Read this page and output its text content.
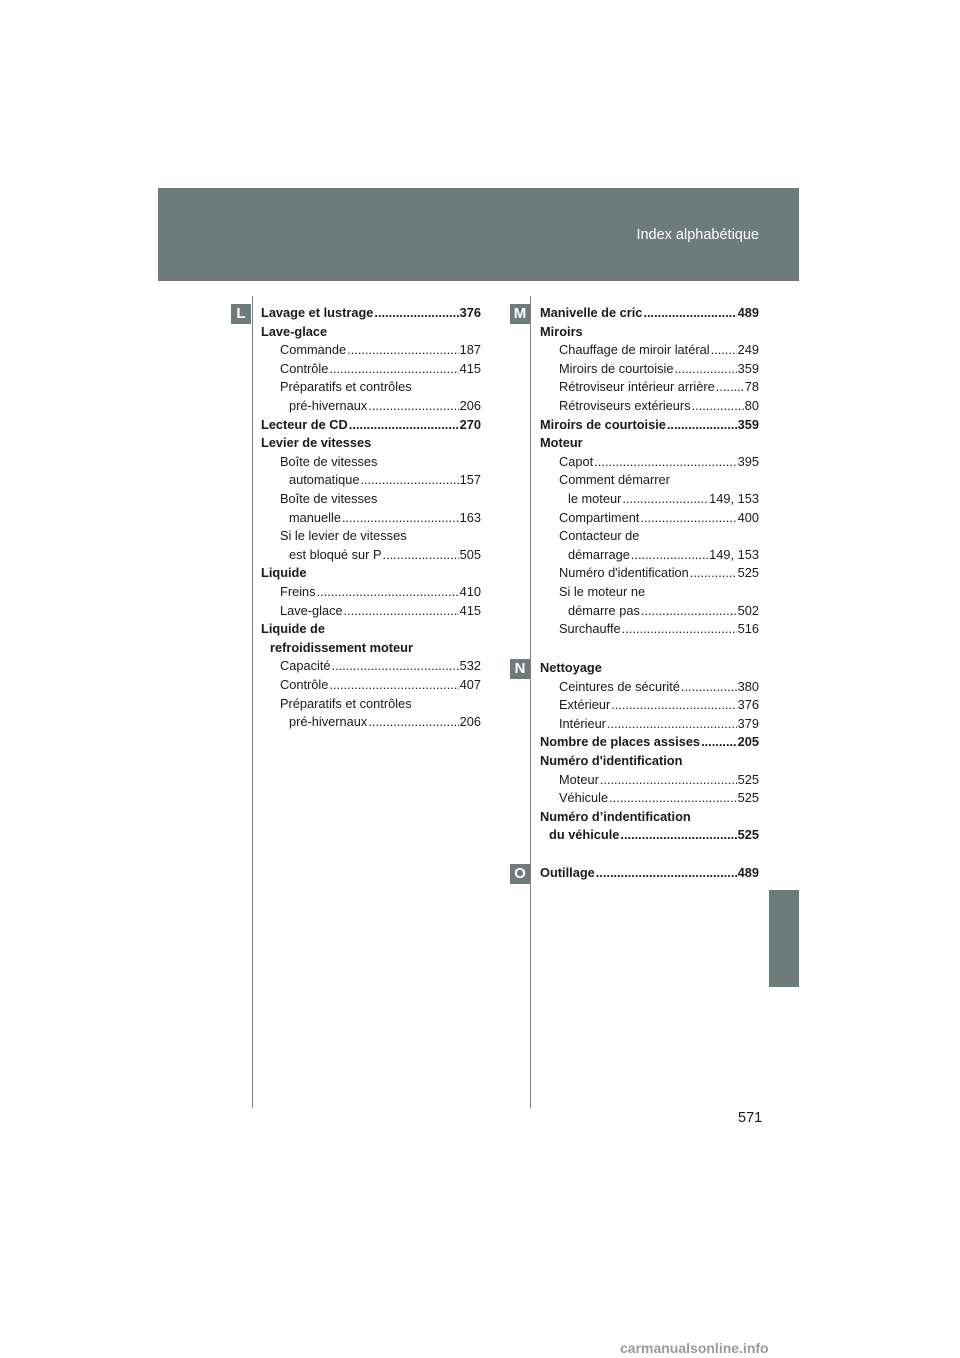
Index alphabétique
L	M
N
O
Lavage et lustrage .....	376
Lave-glace
Commande .....	187
Contrôle .....	415
Préparatifs et contrôles
pré-hivernaux .....	206
Lecteur de CD .....	270
Levier de vitesses
Boîte de vitesses
automatique .....	157
Boîte de vitesses
manuelle .....	163
Si le levier de vitesses
est bloqué sur P .....	505
Liquide
Freins .....	410
Lave-glace .....	415
Liquide de
refroidissement moteur
Capacité .....	532
Contrôle .....	407
Préparatifs et contrôles
pré-hivernaux .....	206
Manivelle de cric .....	489
Miroirs
Chauffage de miroir latéral ..... 249
Miroirs de courtoisie .....	359
Rétroviseur intérieur arrière ..... 78
Rétroviseurs extérieurs .....	80
Miroirs de courtoisie .....	359
Moteur
Capot .....	395
Comment démarrer
le moteur .....	149, 153
Compartiment .....	400
Contacteur de
démarrage .....	149, 153
Numéro d'identification .....	525
Si le moteur ne
démarre pas .....	502
Surchauffe .....	516
Nettoyage
Ceintures de sécurité .....	380
Extérieur .....	376
Intérieur .....	379
Nombre de places assises .....	205
Numéro d'identification
Moteur .....	525
Véhicule .....	525
Numéro d’indentification
du véhicule .....	525
Outillage .....	489
571
carmanualsonline.info
